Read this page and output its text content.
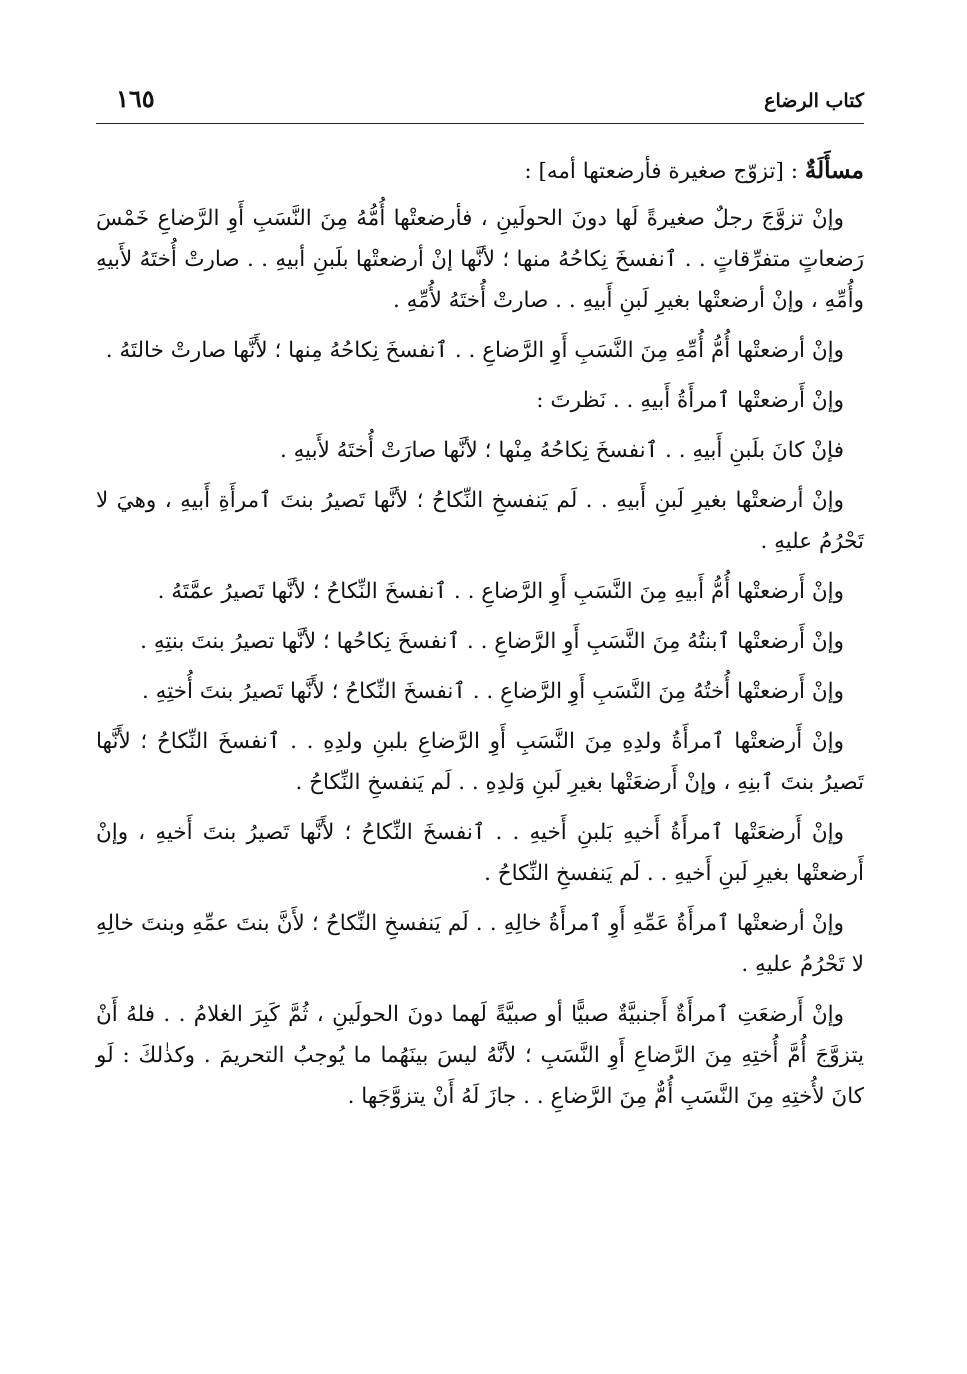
كتاب الرضاع
١٦٥

مسأَلَةٌ : [تزوّج صغيرة فأرضعتها أمه] :

وإنْ تزوَّجَ رجلٌ صغيرةً لَها دونَ الحولَينِ ، فأرضعتْها أُمُّهُ مِنَ النَّسَبِ أَوِ الرَّضاعِ خَمْسَ رَضعاتٍ متفرِّقاتٍ . . ٱنفسخَ نِكاحُهُ منها ؛ لأنَّها إنْ أرضعتْها بلَبنِ أبيهِ . . صارتْ أُختَهُ لأَبيهِ وأُمِّهِ ، وإنْ أرضعتْها بغيرِ لَبنِ أَبيهِ . . صارتْ أُختَهُ لأُمِّهِ .

وإنْ أرضعتْها أُمُّ أُمِّهِ مِنَ النَّسَبِ أَوِ الرَّضاعِ . . ٱنفسخَ نِكاحُهُ مِنها ؛ لأَنَّها صارتْ خالتَهُ .

وإنْ أَرضعتْها ٱمرأَةُ أَبيهِ . . نَظرتَ :

فإنْ كانَ بلَبنِ أَبيهِ . . ٱنفسخَ نِكاحُهُ مِنْها ؛ لأنَّها صارَتْ أُختَهُ لأَبيهِ .

وإنْ أرضعتْها بغيرِ لَبنِ أَبيهِ . . لَم يَنفسخِ النِّكاحُ ؛ لأنَّها تَصيرُ بنتَ ٱمرأَةِ أَبيهِ ، وهيَ لا تَحْرُمُ عليهِ .

وإنْ أَرضعتْها أُمُّ أَبيهِ مِنَ النَّسَبِ أَوِ الرَّضاعِ . . ٱنفسخَ النِّكاحُ ؛ لأنَّها تَصيرُ عمَّتَهُ .

وإنْ أَرضعتْها ٱبنتُهُ مِنَ النَّسَبِ أَوِ الرَّضاعِ . . ٱنفسخَ نِكاحُها ؛ لأنَّها تصيرُ بنتَ بنتِهِ .

وإنْ أَرضعتْها أُختُهُ مِنَ النَّسَبِ أَوِ الرَّضاعِ . . ٱنفسخَ النِّكاحُ ؛ لأَنَّها تَصيرُ بنتَ أُختِهِ .

وإنْ أَرضعتْها ٱمرأَةُ ولدِهِ مِنَ النَّسَبِ أَوِ الرَّضاعِ بلبنِ ولدِهِ . . ٱنفسخَ النِّكاحُ ؛ لأَنَّها تَصيرُ بنتَ ٱبنِهِ ، وإنْ أَرضعَتْها بغيرِ لَبنِ وَلدِهِ . . لَم يَنفسخِ النِّكاحُ .

وإنْ أَرضعَتْها ٱمرأَةُ أَخيهِ بَلبنِ أَخيهِ . . ٱنفسخَ النِّكاحُ ؛ لأَنَّها تَصيرُ بنتَ أَخيهِ ، وإنْ أَرضعتْها بغيرِ لَبنِ أَخيهِ . . لَم يَنفسخِ النِّكاحُ .

وإنْ أرضعتْها ٱمرأَةُ عَمِّهِ أَوِ ٱمرأَةُ خالِهِ . . لَم يَنفسخِ النِّكاحُ ؛ لأَنَّ بنتَ عمِّهِ وبنتَ خالِهِ لا تَحْرُمُ عليهِ .

وإنْ أَرضعَتِ ٱمرأَةٌ أَجنبيَّةٌ صبيًّا أو صبيَّةً لَهما دونَ الحولَينِ ، ثُمَّ كَبِرَ الغلامُ . . فلهُ أَنْ يتزوَّجَ أُمَّ أُختِهِ مِنَ الرَّضاعِ أَوِ النَّسَبِ ؛ لأنَّهُ ليسَ بينَهُما ما يُوجبُ التحريمَ . وكذٰلكَ : لَو كانَ لأُختِهِ مِنَ النَّسَبِ أُمٌّ مِنَ الرَّضاعِ . . جازَ لَهُ أَنْ يتزوَّجَها .
